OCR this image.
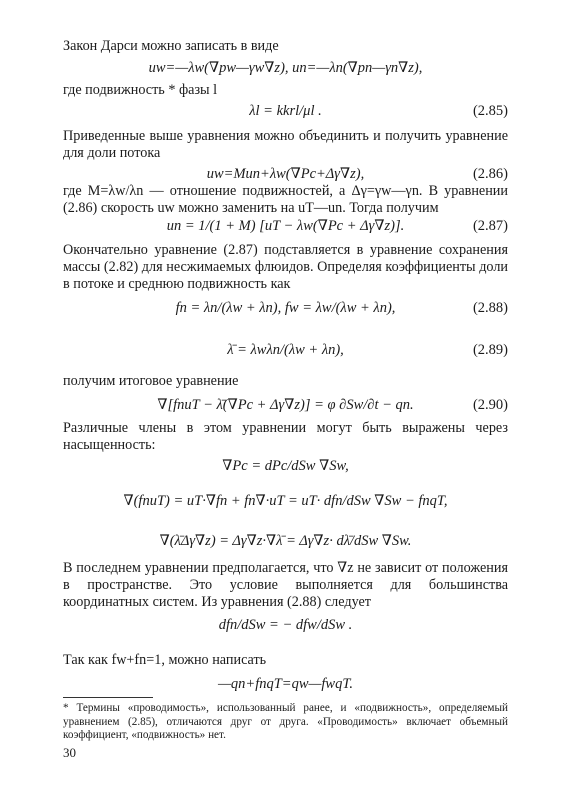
Закон Дарси можно записать в виде
uw=—λw(∇pw—γw∇z), un=—λn(∇pn—γn∇z),
где подвижность * фазы l
λl = kkrl/μl .	(2.85)
Приведенные выше уравнения можно объединить и получить уравнение для доли потока
uw=Mun+λw(∇Pc+Δγ∇z),	(2.86)
где M=λw/λn — отношение подвижностей, а Δγ=γw—γn. В уравнении (2.86) скорость uw можно заменить на uT—un. Тогда получим
un = 1/(1 + M) [uT − λw(∇Pc + Δγ∇z)].	(2.87)
Окончательно уравнение (2.87) подставляется в уравнение сохранения массы (2.82) для несжимаемых флюидов. Определяя коэффициенты доли в потоке и среднюю подвижность как
fn = λn/(λw + λn), fw = λw/(λw + λn),	(2.88)
λ̄ = λwλn/(λw + λn),	(2.89)
получим итоговое уравнение
∇[fnuT − λ̄(∇Pc + Δγ∇z)] = φ ∂Sw/∂t − qn.	(2.90)
Различные члены в этом уравнении могут быть выражены через насыщенность:
∇Pc = dPc/dSw ∇Sw,
∇(fnuT) = uT·∇fn + fn∇·uT = uT· dfn/dSw ∇Sw − fnqT,
∇(λ̄Δγ∇z) = Δγ∇z·∇λ̄ = Δγ∇z· dλ̄/dSw ∇Sw.
В последнем уравнении предполагается, что ∇z не зависит от положения в пространстве. Это условие выполняется для большинства координатных систем. Из уравнения (2.88) следует
dfn/dSw = − dfw/dSw .
Так как fw+fn=1, можно написать
—qn+fnqT=qw—fwqT.
* Термины «проводимость», использованный ранее, и «подвижность», определяемый уравнением (2.85), отличаются друг от друга. «Проводимость» включает объемный коэффициент, «подвижность» нет.
30
